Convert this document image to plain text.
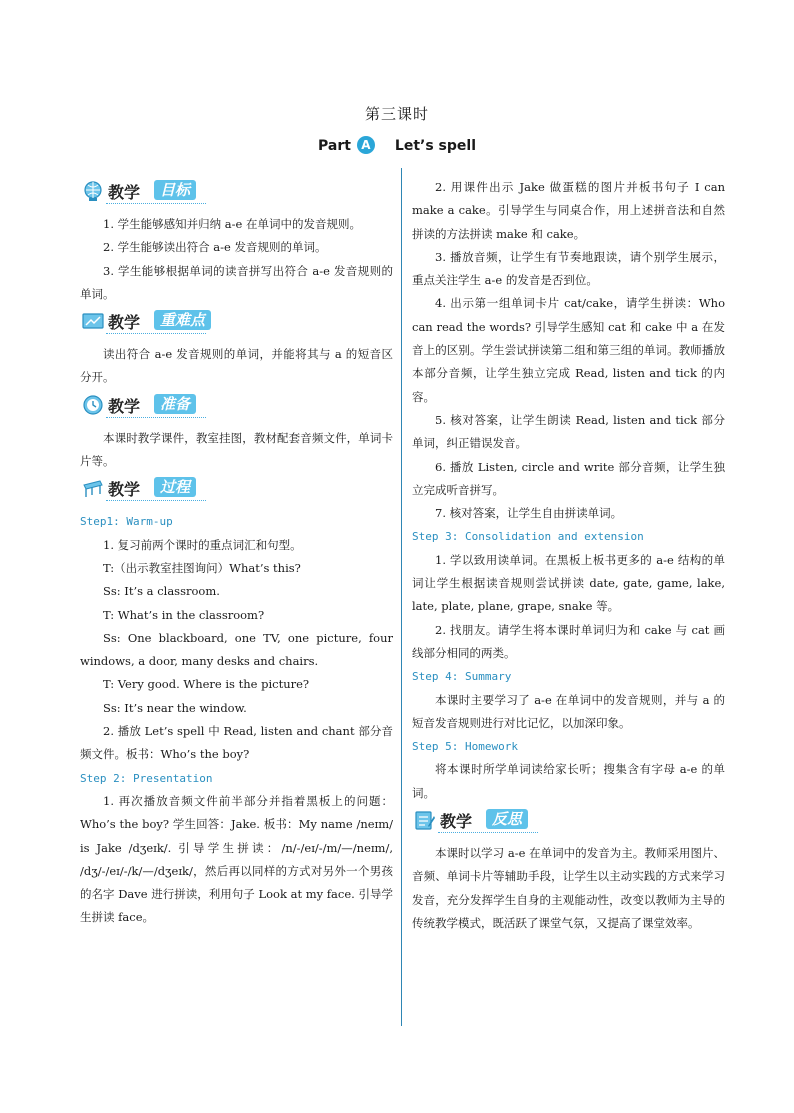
第三课时
Part A Let’s spell
教学	目标

1. 学生能够感知并归纳 a-e 在单词中的发音规则。

2. 学生能够读出符合 a-e 发音规则的单词。

3. 学生能够根据单词的读音拼写出符合 a-e 发音规则的单词。

教学	重难点

读出符合 a-e 发音规则的单词，并能将其与 a 的短音区分开。

教学	准备

本课时教学课件，教室挂图，教材配套音频文件，单词卡片等。

教学	过程

Step1: Warm-up

1. 复习前两个课时的重点词汇和句型。

T:（出示教室挂图询问）What’s this?

Ss: It’s a classroom.

T: What’s in the classroom?

Ss: One blackboard, one TV, one picture, four windows, a door, many desks and chairs.

T: Very good. Where is the picture?

Ss: It’s near the window.

2. 播放 Let’s spell 中 Read, listen and chant 部分音频文件。板书：Who’s the boy?

Step 2: Presentation

1. 再次播放音频文件前半部分并指着黑板上的问题：Who’s the boy? 学生回答：Jake. 板书：My name /neɪm/ is Jake /dʒeɪk/. 引导学生拼读：/n/-/eɪ/-/m/—/neɪm/, /dʒ/-/eɪ/-/k/—/dʒeɪk/，然后再以同样的方式对另外一个男孩的名字 Dave 进行拼读，利用句子 Look at my face. 引导学生拼读 face。

2. 用课件出示 Jake 做蛋糕的图片并板书句子 I can make a cake。引导学生与同桌合作，用上述拼音法和自然拼读的方法拼读 make 和 cake。

3. 播放音频，让学生有节奏地跟读，请个别学生展示，重点关注学生 a-e 的发音是否到位。

4. 出示第一组单词卡片 cat/cake，请学生拼读：Who can read the words? 引导学生感知 cat 和 cake 中 a 在发音上的区别。学生尝试拼读第二组和第三组的单词。教师播放本部分音频，让学生独立完成 Read, listen and tick 的内容。

5. 核对答案，让学生朗读 Read, listen and tick 部分单词，纠正错误发音。

6. 播放 Listen, circle and write 部分音频，让学生独立完成听音拼写。

7. 核对答案，让学生自由拼读单词。

Step 3: Consolidation and extension

1. 学以致用读单词。在黑板上板书更多的 a-e 结构的单词让学生根据读音规则尝试拼读 date, gate, game, lake, late, plate, plane, grape, snake 等。

2. 找朋友。请学生将本课时单词归为和 cake 与 cat 画线部分相同的两类。

Step 4: Summary

本课时主要学习了 a-e 在单词中的发音规则，并与 a 的短音发音规则进行对比记忆，以加深印象。

Step 5: Homework

将本课时所学单词读给家长听；搜集含有字母 a-e 的单词。

教学	反思

本课时以学习 a-e 在单词中的发音为主。教师采用图片、音频、单词卡片等辅助手段，让学生以主动实践的方式来学习发音，充分发挥学生自身的主观能动性，改变以教师为主导的传统教学模式，既活跃了课堂气氛，又提高了课堂效率。
